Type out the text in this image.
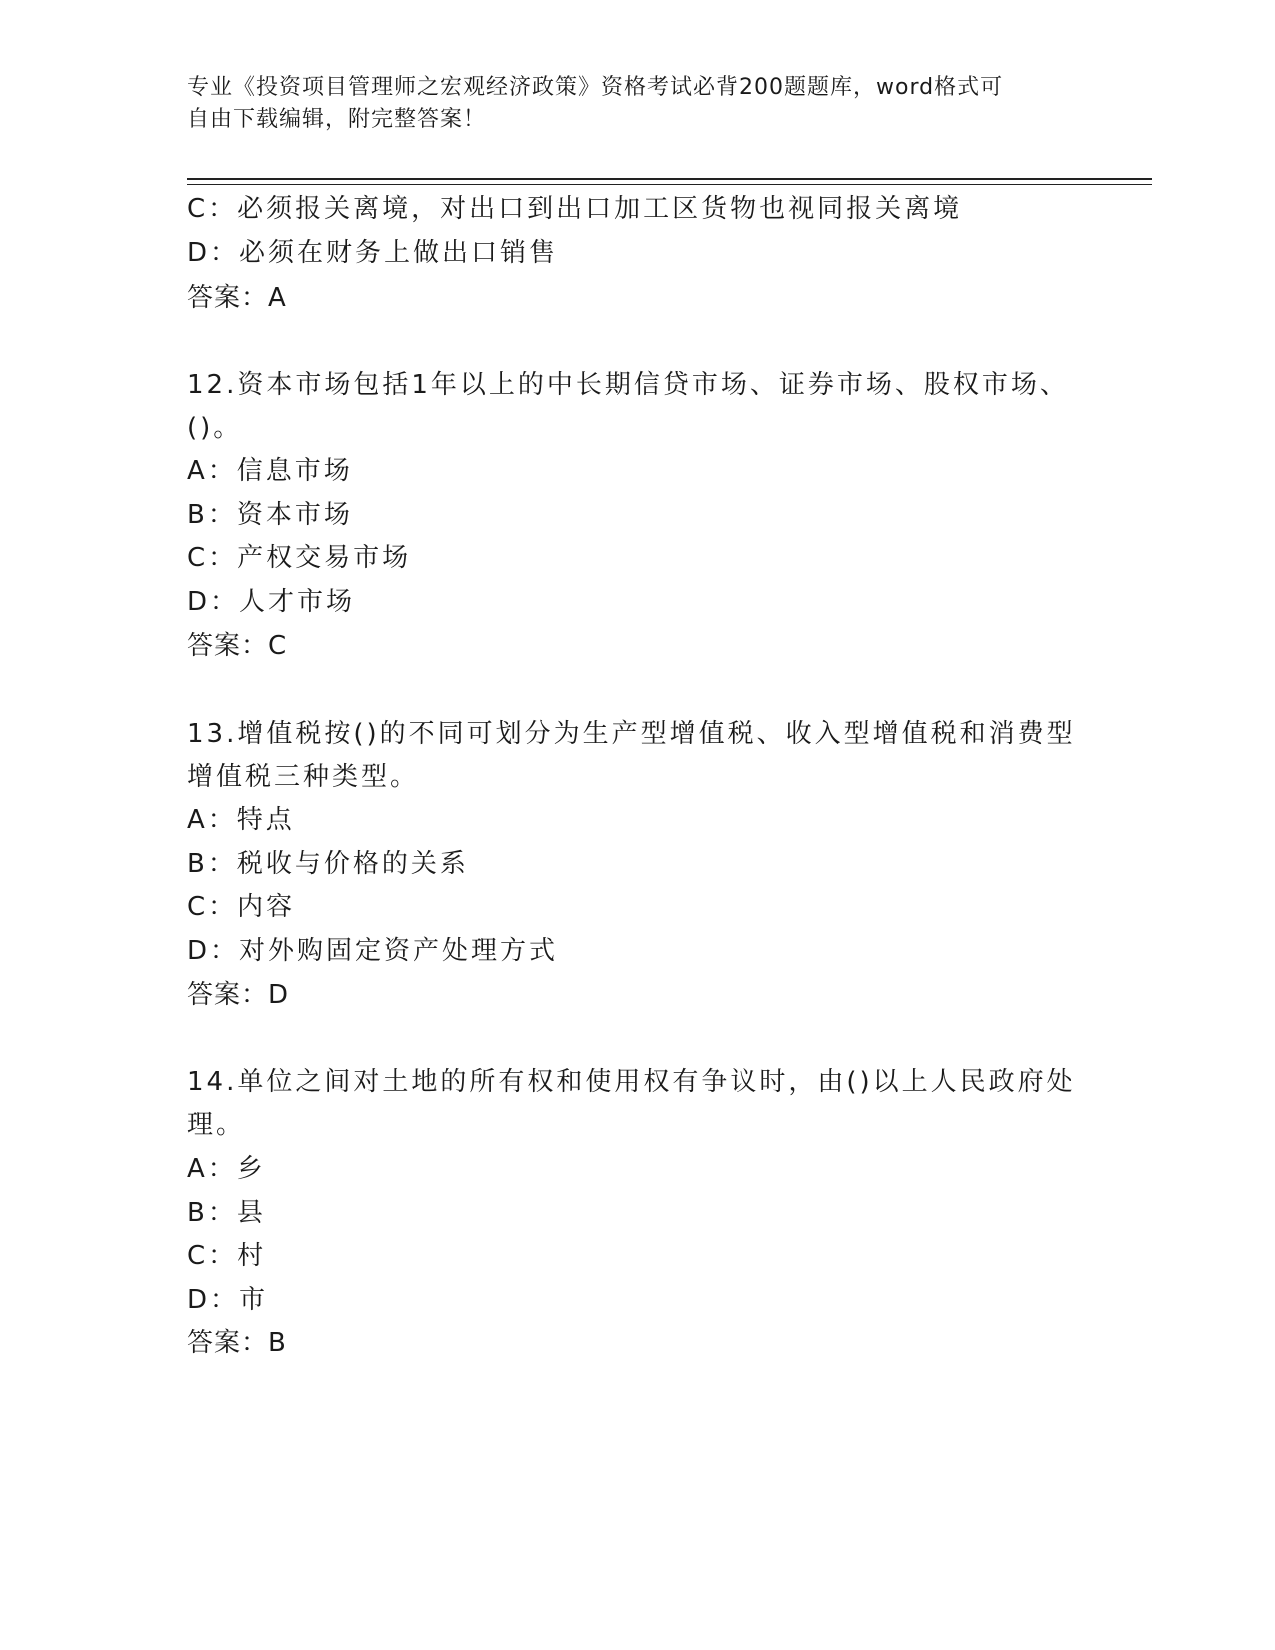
专业《投资项目管理师之宏观经济政策》资格考试必背200题题库，word格式可
自由下载编辑，附完整答案！
C：必须报关离境，对出口到出口加工区货物也视同报关离境
D：必须在财务上做出口销售
答案：A
12.资本市场包括1年以上的中长期信贷市场、证券市场、股权市场、
()。
A：信息市场
B：资本市场
C：产权交易市场
D：人才市场
答案：C
13.增值税按()的不同可划分为生产型增值税、收入型增值税和消费型
增值税三种类型。
A：特点
B：税收与价格的关系
C：内容
D：对外购固定资产处理方式
答案：D
14.单位之间对土地的所有权和使用权有争议时，由()以上人民政府处
理。
A：乡
B：县
C：村
D：市
答案：B
